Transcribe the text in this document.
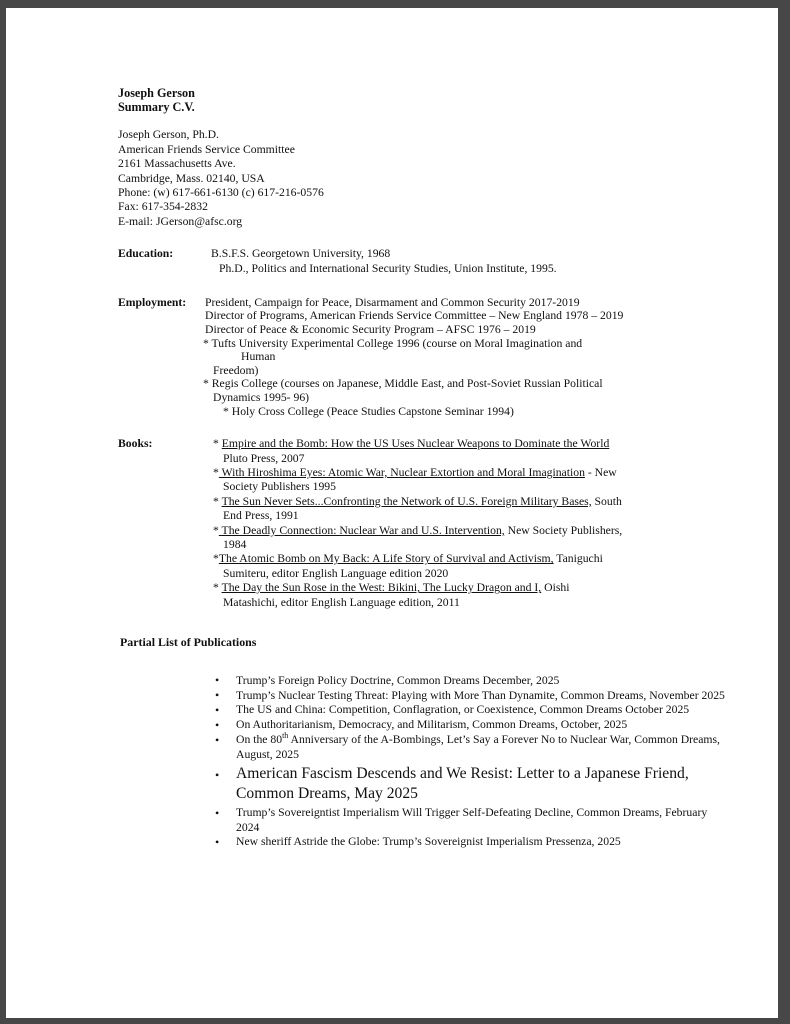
Joseph Gerson
Summary C.V.
Joseph Gerson, Ph.D.
American Friends Service Committee
2161 Massachusetts Ave.
Cambridge, Mass. 02140, USA
Phone: (w) 617-661-6130 (c) 617-216-0576
Fax: 617-354-2832
E-mail: JGerson@afsc.org
Education:	B.S.F.S. Georgetown University, 1968
Ph.D., Politics and International Security Studies, Union Institute, 1995.
Employment: President, Campaign for Peace, Disarmament and Common Security 2017-2019
Director of Programs, American Friends Service Committee – New England 1978 – 2019
Director of Peace & Economic Security Program – AFSC 1976 – 2019
* Tufts University Experimental College 1996 (course on Moral Imagination and
Human
Freedom)
* Regis College (courses on Japanese, Middle East, and Post-Soviet Russian Political
Dynamics 1995- 96)
* Holy Cross College (Peace Studies Capstone Seminar 1994)
Books:	* Empire and the Bomb: How the US Uses Nuclear Weapons to Dominate the World
Pluto Press, 2007
* With Hiroshima Eyes: Atomic War, Nuclear Extortion and Moral Imagination - New
Society Publishers 1995
* The Sun Never Sets...Confronting the Network of U.S. Foreign Military Bases, South
End Press, 1991
* The Deadly Connection: Nuclear War and U.S. Intervention, New Society Publishers,
1984
*The Atomic Bomb on My Back: A Life Story of Survival and Activism, Taniguchi
Sumiteru, editor English Language edition 2020
* The Day the Sun Rose in the West: Bikini, The Lucky Dragon and I, Oishi
Matashichi, editor English Language edition, 2011
Partial List of Publications
• Trump’s Foreign Policy Doctrine, Common Dreams December, 2025
• Trump’s Nuclear Testing Threat: Playing with More Than Dynamite, Common Dreams, November 2025
• The US and China: Competition, Conflagration, or Coexistence, Common Dreams October 2025
• On Authoritarianism, Democracy, and Militarism, Common Dreams, October, 2025
• On the 80th Anniversary of the A-Bombings, Let’s Say a Forever No to Nuclear War, Common Dreams, August, 2025
• American Fascism Descends and We Resist: Letter to a Japanese Friend, Common Dreams, May 2025
• Trump’s Sovereigntist Imperialism Will Trigger Self-Defeating Decline, Common Dreams, February 2024
• New sheriff Astride the Globe: Trump’s Sovereignist Imperialism Pressenza, 2025
